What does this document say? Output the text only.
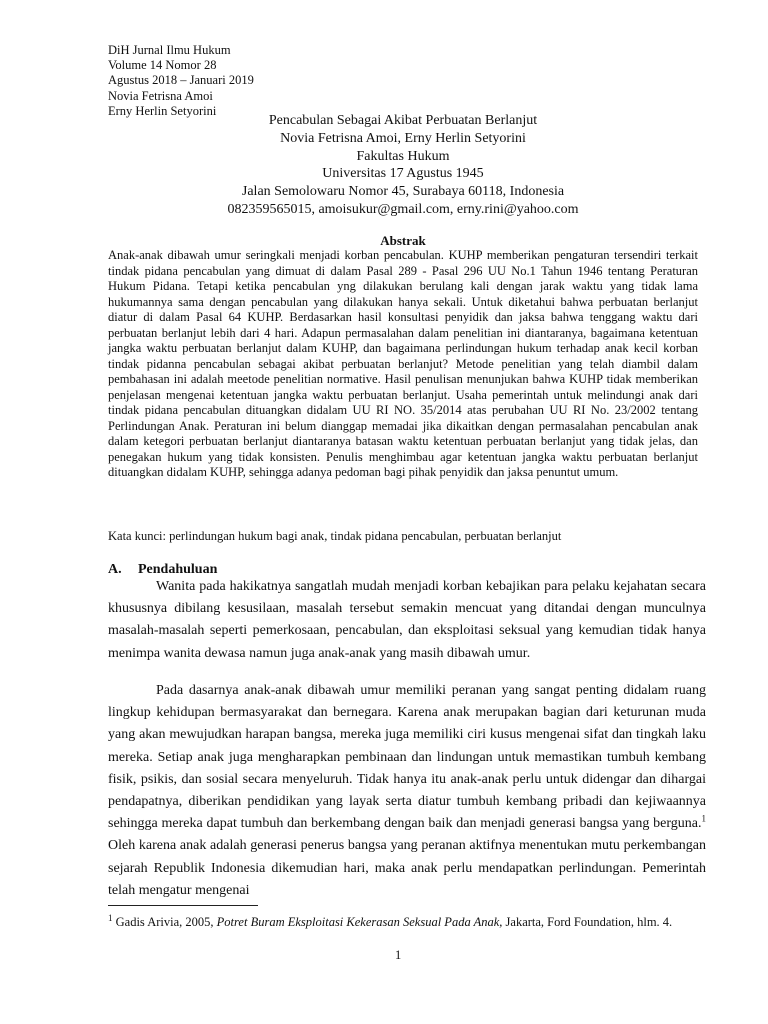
DiH Jurnal Ilmu Hukum
Volume 14 Nomor 28
Agustus 2018 – Januari 2019
Novia Fetrisna Amoi
Erny Herlin Setyorini
Pencabulan Sebagai Akibat Perbuatan Berlanjut
Novia Fetrisna Amoi, Erny Herlin Setyorini
Fakultas Hukum
Universitas 17 Agustus 1945
Jalan Semolowaru Nomor 45, Surabaya 60118, Indonesia
082359565015, amoisukur@gmail.com, erny.rini@yahoo.com
Abstrak
Anak-anak dibawah umur seringkali menjadi korban pencabulan. KUHP memberikan pengaturan tersendiri terkait tindak pidana pencabulan yang dimuat di dalam Pasal 289 - Pasal 296 UU No.1 Tahun 1946 tentang Peraturan Hukum Pidana. Tetapi ketika pencabulan yng dilakukan berulang kali dengan jarak waktu yang tidak lama hukumannya sama dengan pencabulan yang dilakukan hanya sekali. Untuk diketahui bahwa perbuatan berlanjut diatur di dalam Pasal 64 KUHP. Berdasarkan hasil konsultasi penyidik dan jaksa bahwa tenggang waktu dari perbuatan berlanjut lebih dari 4 hari. Adapun permasalahan dalam penelitian ini diantaranya, bagaimana ketentuan jangka waktu perbuatan berlanjut dalam KUHP, dan bagaimana perlindungan hukum terhadap anak kecil korban tindak pidanna pencabulan sebagai akibat perbuatan berlanjut? Metode penelitian yang telah diambil dalam pembahasan ini adalah meetode penelitian normative. Hasil penulisan menunjukan bahwa KUHP tidak memberikan penjelasan mengenai ketentuan jangka waktu perbuatan berlanjut. Usaha pemerintah untuk melindungi anak dari tindak pidana pencabulan dituangkan didalam UU RI NO. 35/2014 atas perubahan UU RI No. 23/2002 tentang Perlindungan Anak. Peraturan ini belum dianggap memadai jika dikaitkan dengan permasalahan pencabulan anak dalam ketegori perbuatan berlanjut diantaranya batasan waktu ketentuan perbuatan berlanjut yang tidak jelas, dan penegakan hukum yang tidak konsisten. Penulis menghimbau agar ketentuan jangka waktu perbuatan berlanjut dituangkan didalam KUHP, sehingga adanya pedoman bagi pihak penyidik dan jaksa penuntut umum.
Kata kunci: perlindungan hukum bagi anak, tindak pidana pencabulan, perbuatan berlanjut
A. Pendahuluan
Wanita pada hakikatnya sangatlah mudah menjadi korban kebajikan para pelaku kejahatan secara khususnya dibilang kesusilaan, masalah tersebut semakin mencuat yang ditandai dengan munculnya masalah-masalah seperti pemerkosaan, pencabulan, dan eksploitasi seksual yang kemudian tidak hanya menimpa wanita dewasa namun juga anak-anak yang masih dibawah umur.
Pada dasarnya anak-anak dibawah umur memiliki peranan yang sangat penting didalam ruang lingkup kehidupan bermasyarakat dan bernegara. Karena anak merupakan bagian dari keturunan muda yang akan mewujudkan harapan bangsa, mereka juga memiliki ciri kusus mengenai sifat dan tingkah laku mereka. Setiap anak juga mengharapkan pembinaan dan lindungan untuk memastikan tumbuh kembang fisik, psikis, dan sosial secara menyeluruh. Tidak hanya itu anak-anak perlu untuk didengar dan dihargai pendapatnya, diberikan pendidikan yang layak serta diatur tumbuh kembang pribadi dan kejiwaannya sehingga mereka dapat tumbuh dan berkembang dengan baik dan menjadi generasi bangsa yang berguna.$^1$ Oleh karena anak adalah generasi penerus bangsa yang peranan aktifnya menentukan mutu perkembangan sejarah Republik Indonesia dikemudian hari, maka anak perlu mendapatkan perlindungan. Pemerintah telah mengatur mengenai
$^1$ Gadis Arivia, 2005, Potret Buram Eksploitasi Kekerasan Seksual Pada Anak, Jakarta, Ford Foundation, hlm. 4.
1
